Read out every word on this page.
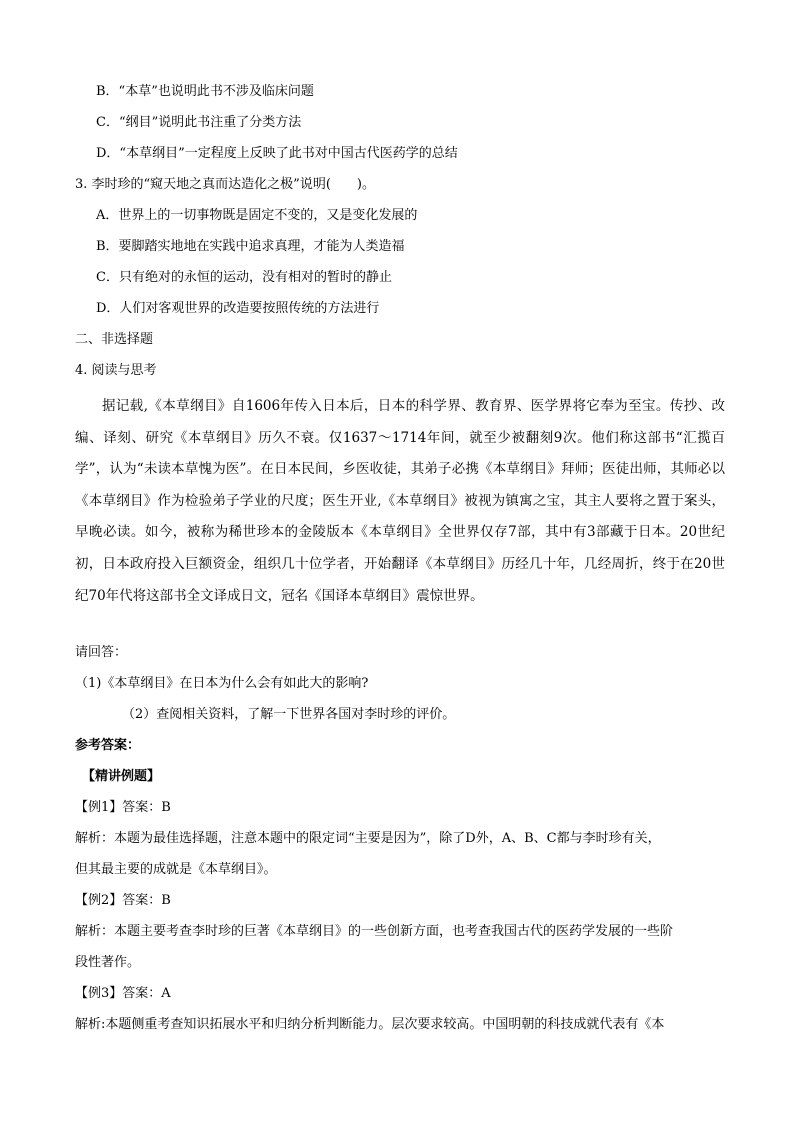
B．“本草”也说明此书不涉及临床问题
C．“纲目”说明此书注重了分类方法
D．“本草纲目”一定程度上反映了此书对中国古代医药学的总结
3. 李时珍的“窥天地之真而达造化之极”说明(　　)。
A．世界上的一切事物既是固定不变的，又是变化发展的
B．要脚踏实地地在实践中追求真理，才能为人类造福
C．只有绝对的永恒的运动，没有相对的暂时的静止
D．人们对客观世界的改造要按照传统的方法进行
二、非选择题
4. 阅读与思考
据记载,《本草纲目》自1606年传入日本后，日本的科学界、教育界、医学界将它奉为至宝。传抄、改编、译刻、研究《本草纲目》历久不衰。仅1637～1714年间，就至少被翻刻9次。他们称这部书“汇揽百学”，认为“未读本草愧为医”。在日本民间，乡医收徒，其弟子必携《本草纲目》拜师；医徒出师，其师必以《本草纲目》作为检验弟子学业的尺度；医生开业,《本草纲目》被视为镇寓之宝，其主人要将之置于案头，早晚必读。如今，被称为稀世珍本的金陵版本《本草纲目》全世界仅存7部，其中有3部藏于日本。20世纪初，日本政府投入巨额资金，组织几十位学者，开始翻译《本草纲目》历经几十年，几经周折，终于在20世纪70年代将这部书全文译成日文，冠名《国译本草纲目》震惊世界。
请回答：
（1)《本草纲目》在日本为什么会有如此大的影响?
（2）查阅相关资料，了解一下世界各国对李时珍的评价。
参考答案：
【精讲例题】
【例1】答案：B
解析：本题为最佳选择题，注意本题中的限定词“主要是因为”，除了D外，A、B、C都与李时珍有关，
但其最主要的成就是《本草纲目》。
【例2】答案：B
解析：本题主要考查李时珍的巨著《本草纲目》的一些创新方面，也考查我国古代的医药学发展的一些阶
段性著作。
【例3】答案：A
解析:本题侧重考查知识拓展水平和归纳分析判断能力。层次要求较高。中国明朝的科技成就代表有《本
